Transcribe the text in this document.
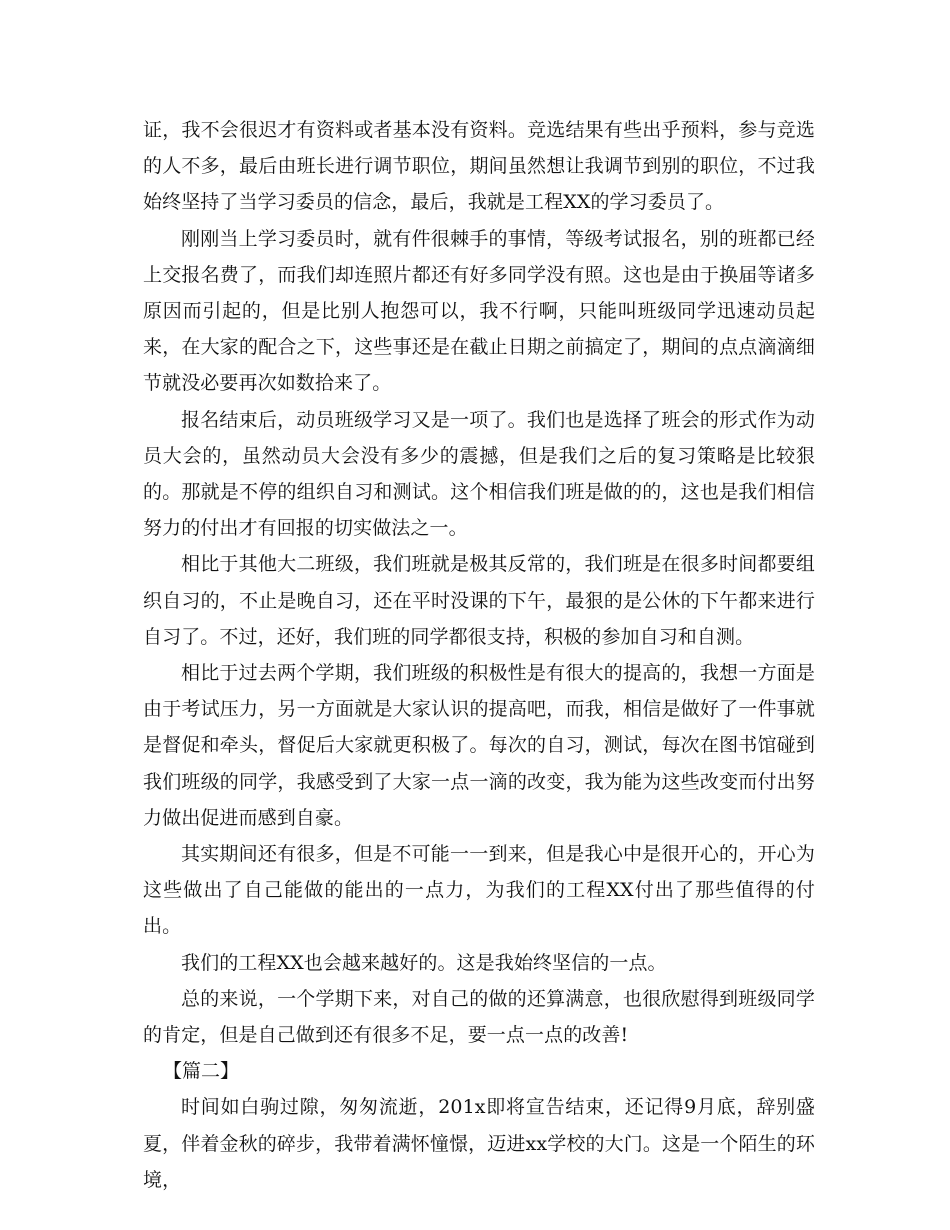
证，我不会很迟才有资料或者基本没有资料。竞选结果有些出乎预料，参与竞选的人不多，最后由班长进行调节职位，期间虽然想让我调节到别的职位，不过我始终坚持了当学习委员的信念，最后，我就是工程XX的学习委员了。

刚刚当上学习委员时，就有件很棘手的事情，等级考试报名，别的班都已经上交报名费了，而我们却连照片都还有好多同学没有照。这也是由于换届等诸多原因而引起的，但是比别人抱怨可以，我不行啊，只能叫班级同学迅速动员起来，在大家的配合之下，这些事还是在截止日期之前搞定了，期间的点点滴滴细节就没必要再次如数拾来了。

报名结束后，动员班级学习又是一项了。我们也是选择了班会的形式作为动员大会的，虽然动员大会没有多少的震撼，但是我们之后的复习策略是比较狠的。那就是不停的组织自习和测试。这个相信我们班是做的的，这也是我们相信努力的付出才有回报的切实做法之一。

相比于其他大二班级，我们班就是极其反常的，我们班是在很多时间都要组织自习的，不止是晚自习，还在平时没课的下午，最狠的是公休的下午都来进行自习了。不过，还好，我们班的同学都很支持，积极的参加自习和自测。

相比于过去两个学期，我们班级的积极性是有很大的提高的，我想一方面是由于考试压力，另一方面就是大家认识的提高吧，而我，相信是做好了一件事就是督促和牵头，督促后大家就更积极了。每次的自习，测试，每次在图书馆碰到我们班级的同学，我感受到了大家一点一滴的改变，我为能为这些改变而付出努力做出促进而感到自豪。

其实期间还有很多，但是不可能一一到来，但是我心中是很开心的，开心为这些做出了自己能做的能出的一点力，为我们的工程XX付出了那些值得的付出。

我们的工程XX也会越来越好的。这是我始终坚信的一点。

总的来说，一个学期下来，对自己的做的还算满意，也很欣慰得到班级同学的肯定，但是自己做到还有很多不足，要一点一点的改善!

【篇二】

时间如白驹过隙，匆匆流逝，201x即将宣告结束，还记得9月底，辞别盛夏，伴着金秋的碎步，我带着满怀憧憬，迈进xx学校的大门。这是一个陌生的环境，
